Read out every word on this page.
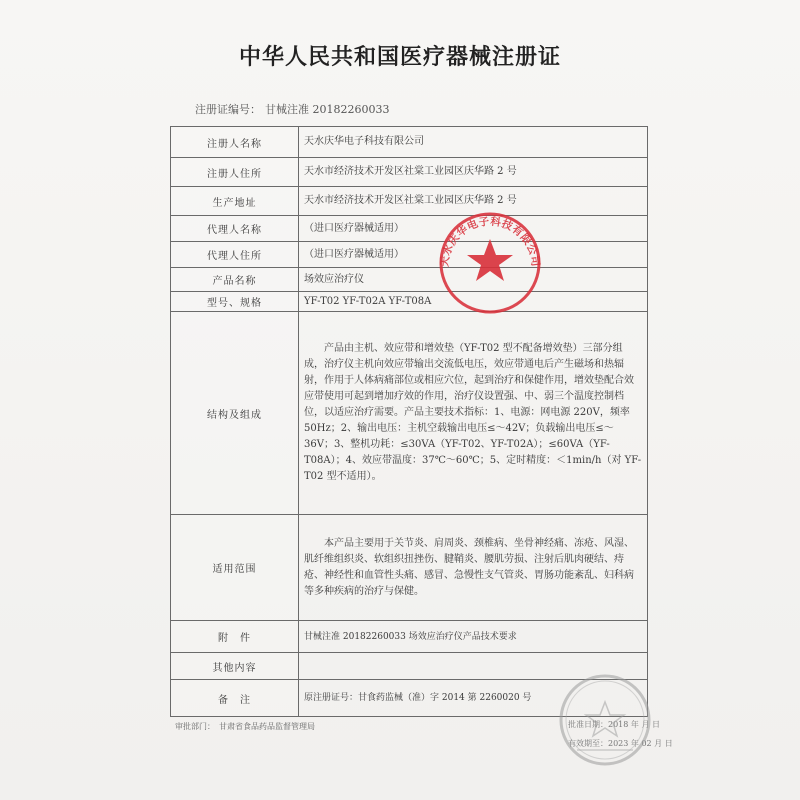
中华人民共和国医疗器械注册证
注册证编号： 甘械注准 20182260033
注册人名称	天水庆华电子科技有限公司
注册人住所	天水市经济技术开发区社棠工业园区庆华路 2 号
生产地址	天水市经济技术开发区社棠工业园区庆华路 2 号
代理人名称	（进口医疗器械适用）
代理人住所	（进口医疗器械适用）
产品名称	场效应治疗仪
型号、规格	YF-T02 YF-T02A YF-T08A
结构及组成	产品由主机、效应带和增效垫（YF-T02 型不配备增效垫）三部分组成，治疗仪主机向效应带输出交流低电压，效应带通电后产生磁场和热辐射，作用于人体病痛部位或相应穴位，起到治疗和保健作用，增效垫配合效应带使用可起到增加疗效的作用，治疗仪设置强、中、弱三个温度控制档位，以适应治疗需要。产品主要技术指标：1、电源：网电源 220V，频率 50Hz；2、输出电压：主机空载输出电压≤～42V；负载输出电压≤～36V；3、整机功耗：≤30VA（YF-T02、YF-T02A）；≤60VA（YF-T08A）；4、效应带温度：37℃～60℃；5、定时精度：＜1min/h（对 YF-T02 型不适用）。
适用范围	本产品主要用于关节炎、肩周炎、颈椎病、坐骨神经痛、冻疮、风湿、肌纤维组织炎、软组织扭挫伤、腱鞘炎、腰肌劳损、注射后肌肉硬结、痔疮、神经性和血管性头痛、感冒、急慢性支气管炎、胃肠功能紊乱、妇科病等多种疾病的治疗与保健。
附　件	甘械注准 20182260033 场效应治疗仪产品技术要求
其他内容	
备　注	原注册证号：甘食药监械（准）字 2014 第 2260020 号
审批部门：　甘肃省食品药品监督管理局	批准日期：2018 年 月 日
有效期至：2023 年 02 月 日
天水庆华电子科技有限公司
